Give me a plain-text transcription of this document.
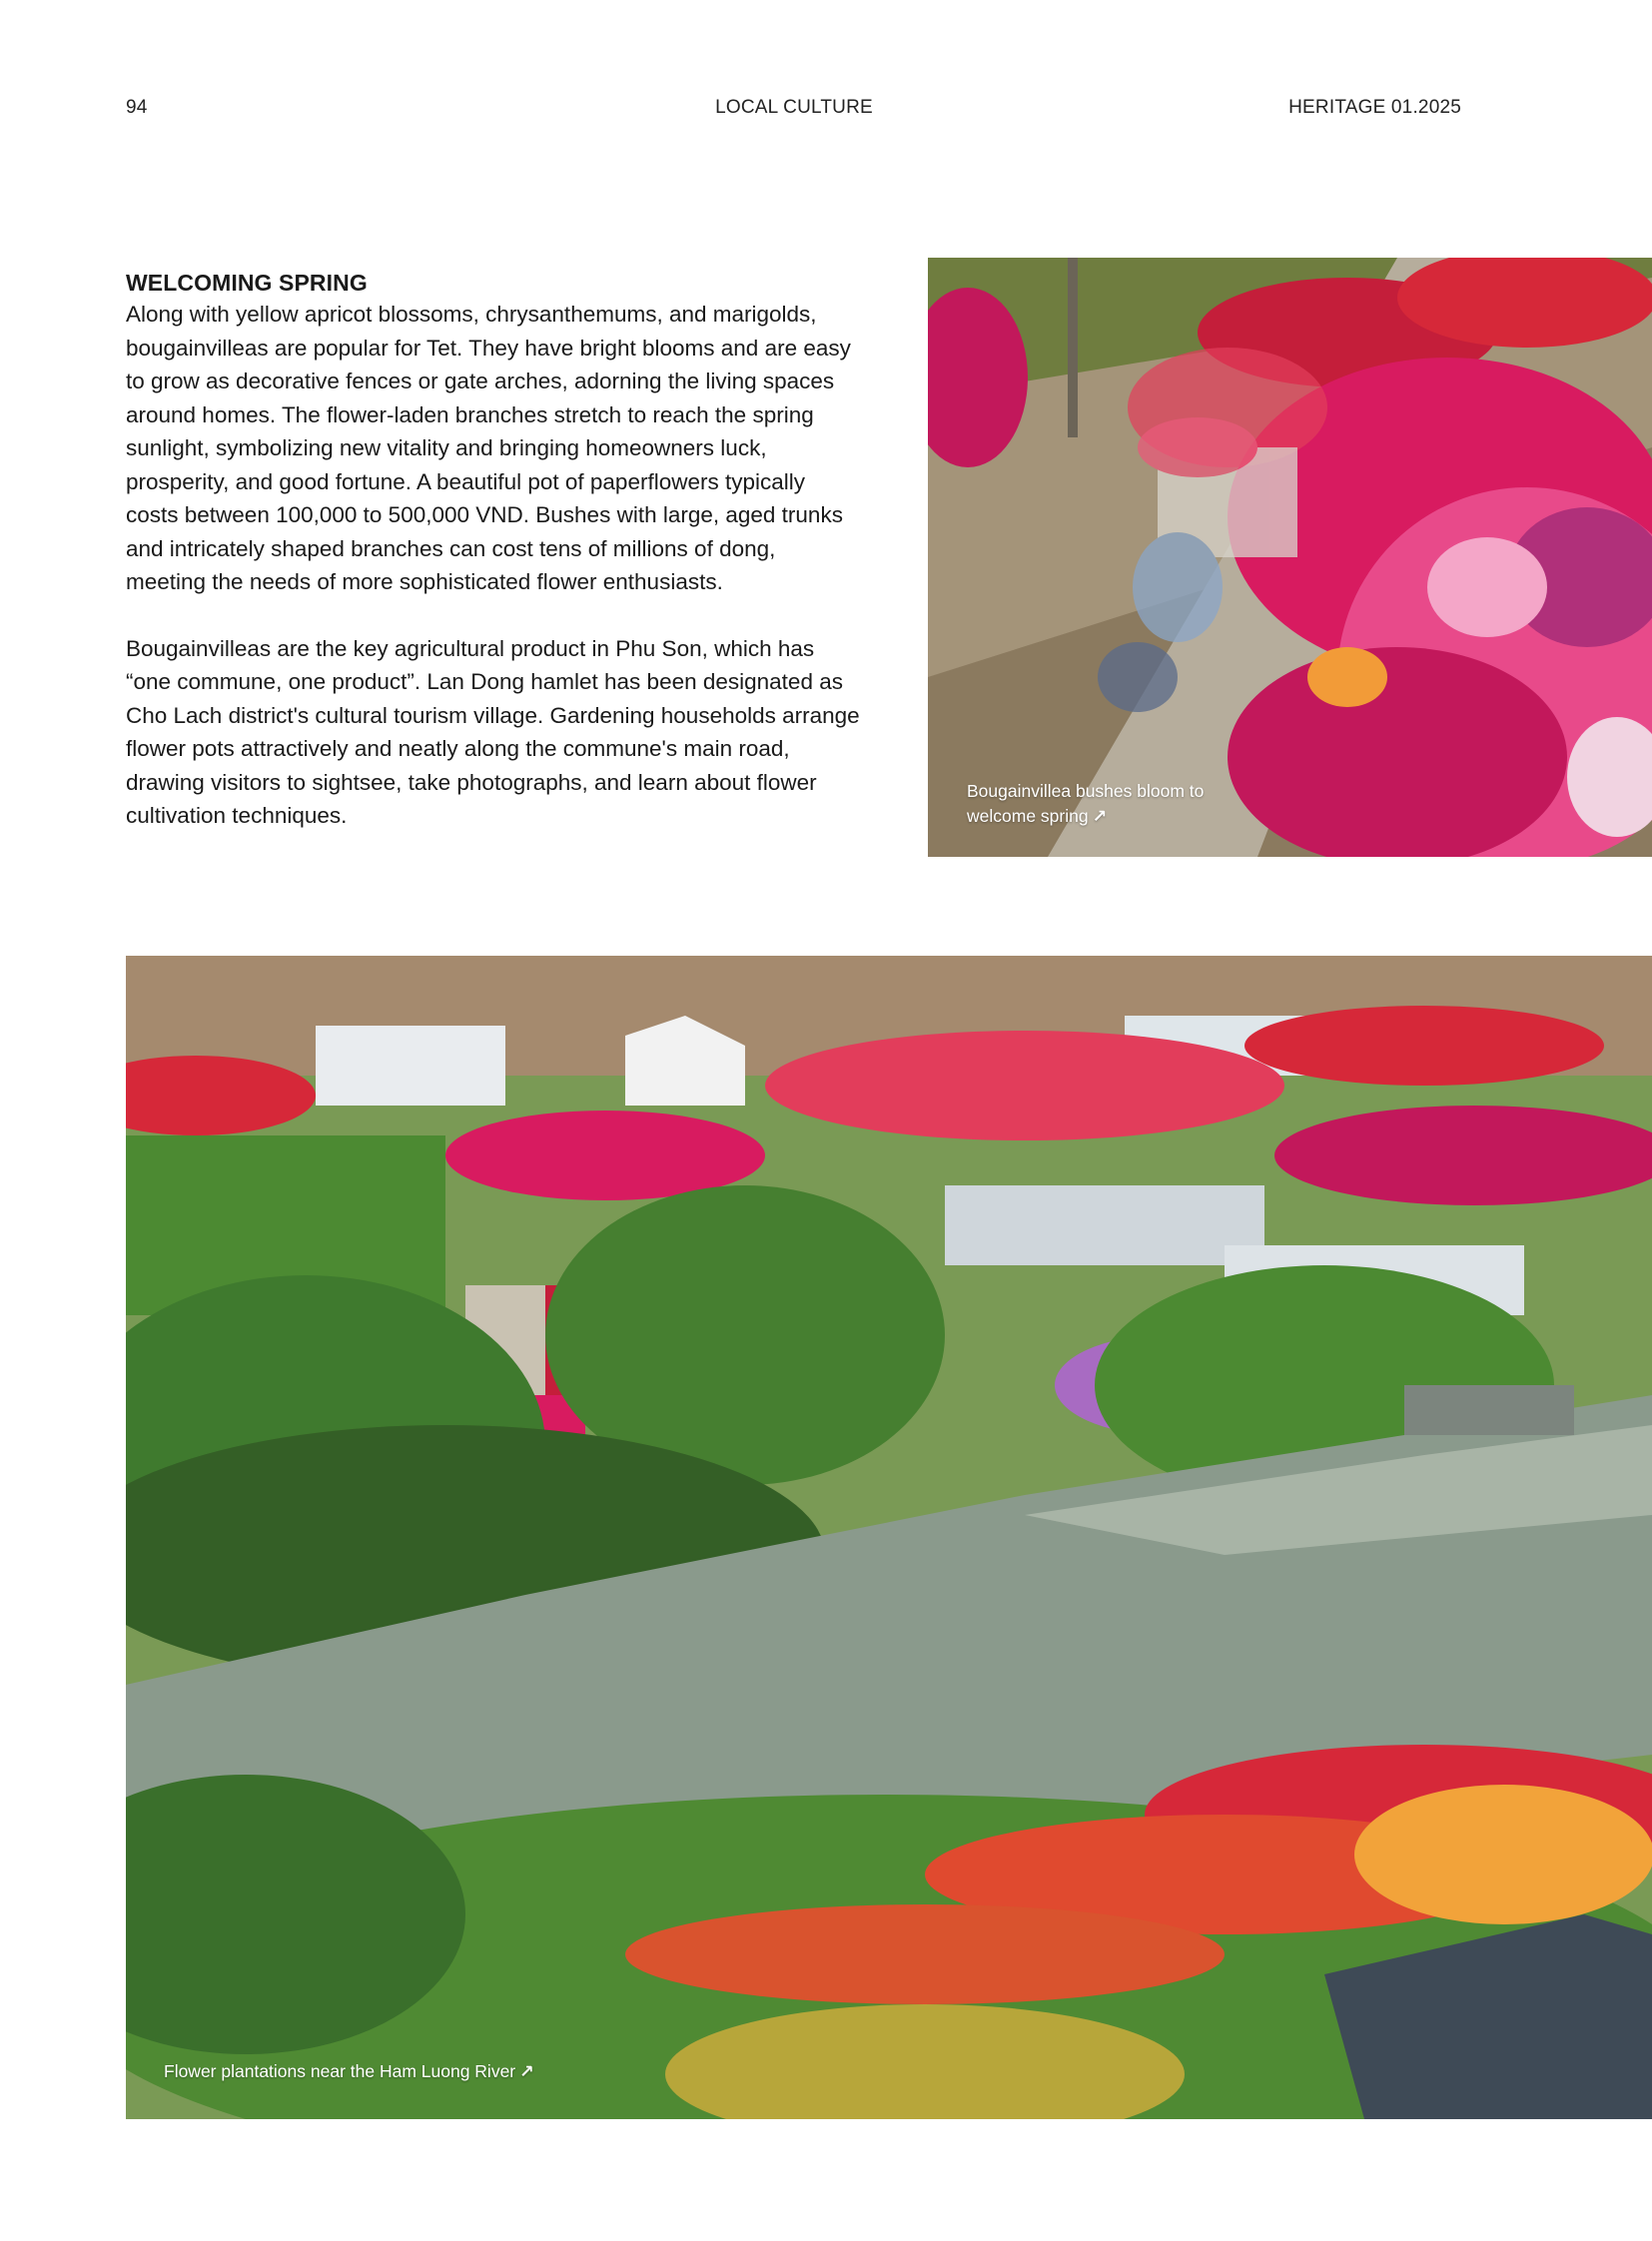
94	LOCAL CULTURE	HERITAGE 01.2025
WELCOMING SPRING

Along with yellow apricot blossoms, chrysanthemums, and marigolds, bougainvilleas are popular for Tet. They have bright blooms and are easy to grow as decorative fences or gate arches, adorning the living spaces around homes. The flower-laden branches stretch to reach the spring sunlight, symbolizing new vitality and bringing homeowners luck, prosperity, and good fortune. A beautiful pot of paperflowers typically costs between 100,000 to 500,000 VND. Bushes with large, aged trunks and intricately shaped branches can cost tens of millions of dong, meeting the needs of more sophisticated flower enthusiasts.

Bougainvilleas are the key agricultural product in Phu Son, which has “one commune, one product”. Lan Dong hamlet has been designated as Cho Lach district's cultural tourism village. Gardening households arrange flower pots attractively and neatly along the commune's main road, drawing visitors to sightsee, take photographs, and learn about flower cultivation techniques.

Bougainvillea bushes bloom to welcome spring ↗
Flower plantations near the Ham Luong River ↗
